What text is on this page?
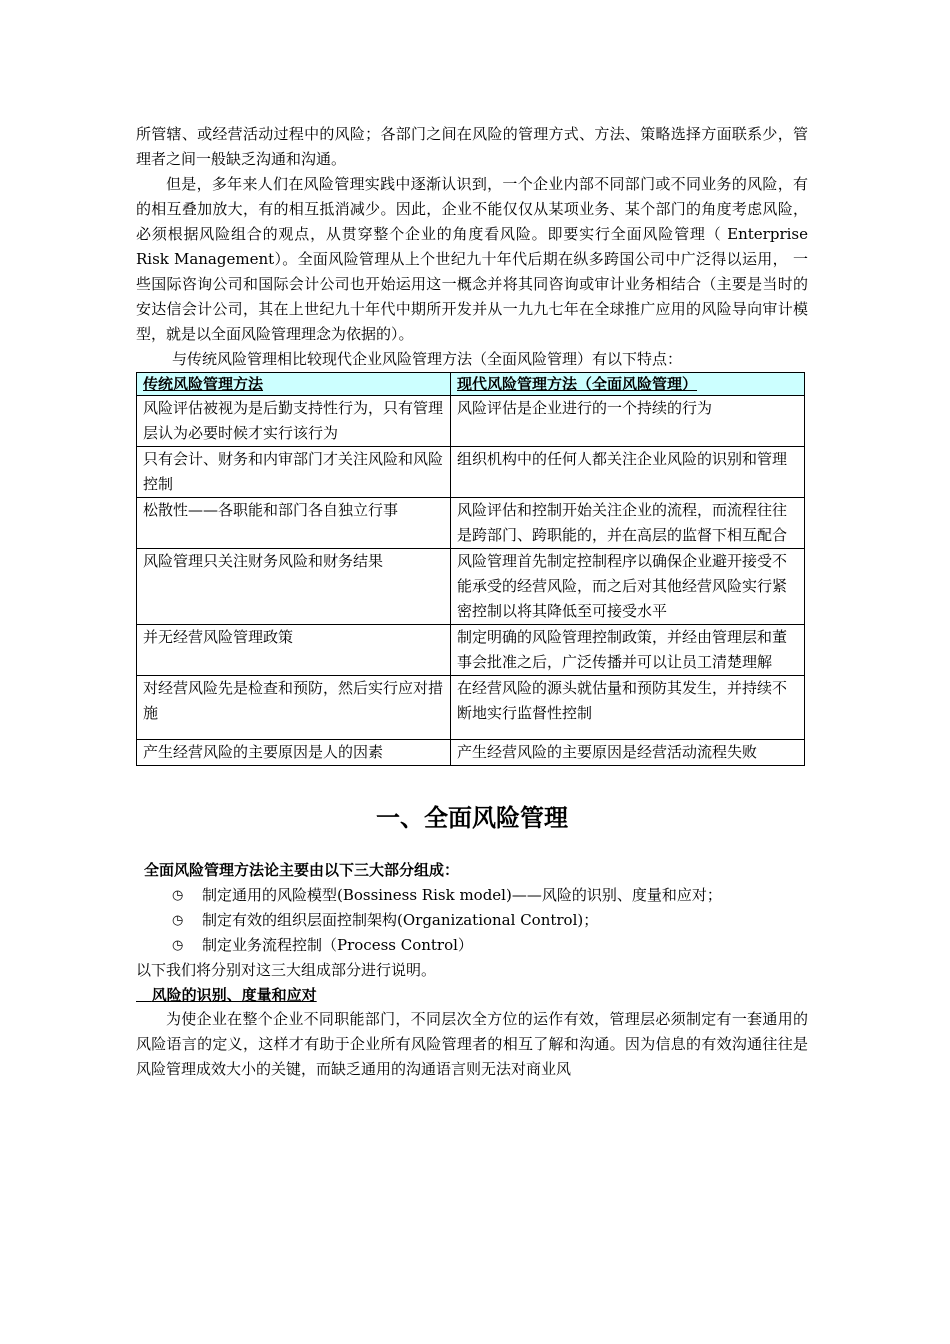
所管辖、或经营活动过程中的风险；各部门之间在风险的管理方式、方法、策略选择方面联系少，管理者之间一般缺乏沟通和沟通。

但是，多年来人们在风险管理实践中逐渐认识到，一个企业内部不同部门或不同业务的风险，有的相互叠加放大，有的相互抵消减少。因此，企业不能仅仅从某项业务、某个部门的角度考虑风险，必须根据风险组合的观点，从贯穿整个企业的角度看风险。即要实行全面风险管理（ Enterprise Risk Management）。全面风险管理从上个世纪九十年代后期在纵多跨国公司中广泛得以运用， 一些国际咨询公司和国际会计公司也开始运用这一概念并将其同咨询或审计业务相结合（主要是当时的安达信会计公司，其在上世纪九十年代中期所开发并从一九九七年在全球推广应用的风险导向审计模型，就是以全面风险管理理念为依据的）。

与传统风险管理相比较现代企业风险管理方法（全面风险管理）有以下特点：

传统风险管理方法	现代风险管理方法（全面风险管理）
风险评估被视为是后勤支持性行为，只有管理层认为必要时候才实行该行为	风险评估是企业进行的一个持续的行为
只有会计、财务和内审部门才关注风险和风险控制	组织机构中的任何人都关注企业风险的识别和管理
松散性——各职能和部门各自独立行事	风险评估和控制开始关注企业的流程，而流程往往是跨部门、跨职能的，并在高层的监督下相互配合
风险管理只关注财务风险和财务结果	风险管理首先制定控制程序以确保企业避开接受不能承受的经营风险，而之后对其他经营风险实行紧密控制以将其降低至可接受水平
并无经营风险管理政策	制定明确的风险管理控制政策，并经由管理层和董事会批准之后，广泛传播并可以让员工清楚理解
对经营风险先是检查和预防，然后实行应对措施	在经营风险的源头就估量和预防其发生，并持续不断地实行监督性控制
产生经营风险的主要原因是人的因素	产生经营风险的主要原因是经营活动流程失败
一、全面风险管理

全面风险管理方法论主要由以下三大部分组成：

◷	制定通用的风险模型(Bossiness Risk model)——风险的识别、度量和应对；
◷	制定有效的组织层面控制架构(Organizational Control)；
◷	制定业务流程控制（Process Control）

以下我们将分别对这三大组成部分进行说明。

风险的识别、度量和应对

为使企业在整个企业不同职能部门，不同层次全方位的运作有效，管理层必须制定有一套通用的风险语言的定义，这样才有助于企业所有风险管理者的相互了解和沟通。因为信息的有效沟通往往是风险管理成效大小的关键，而缺乏通用的沟通语言则无法对商业风
